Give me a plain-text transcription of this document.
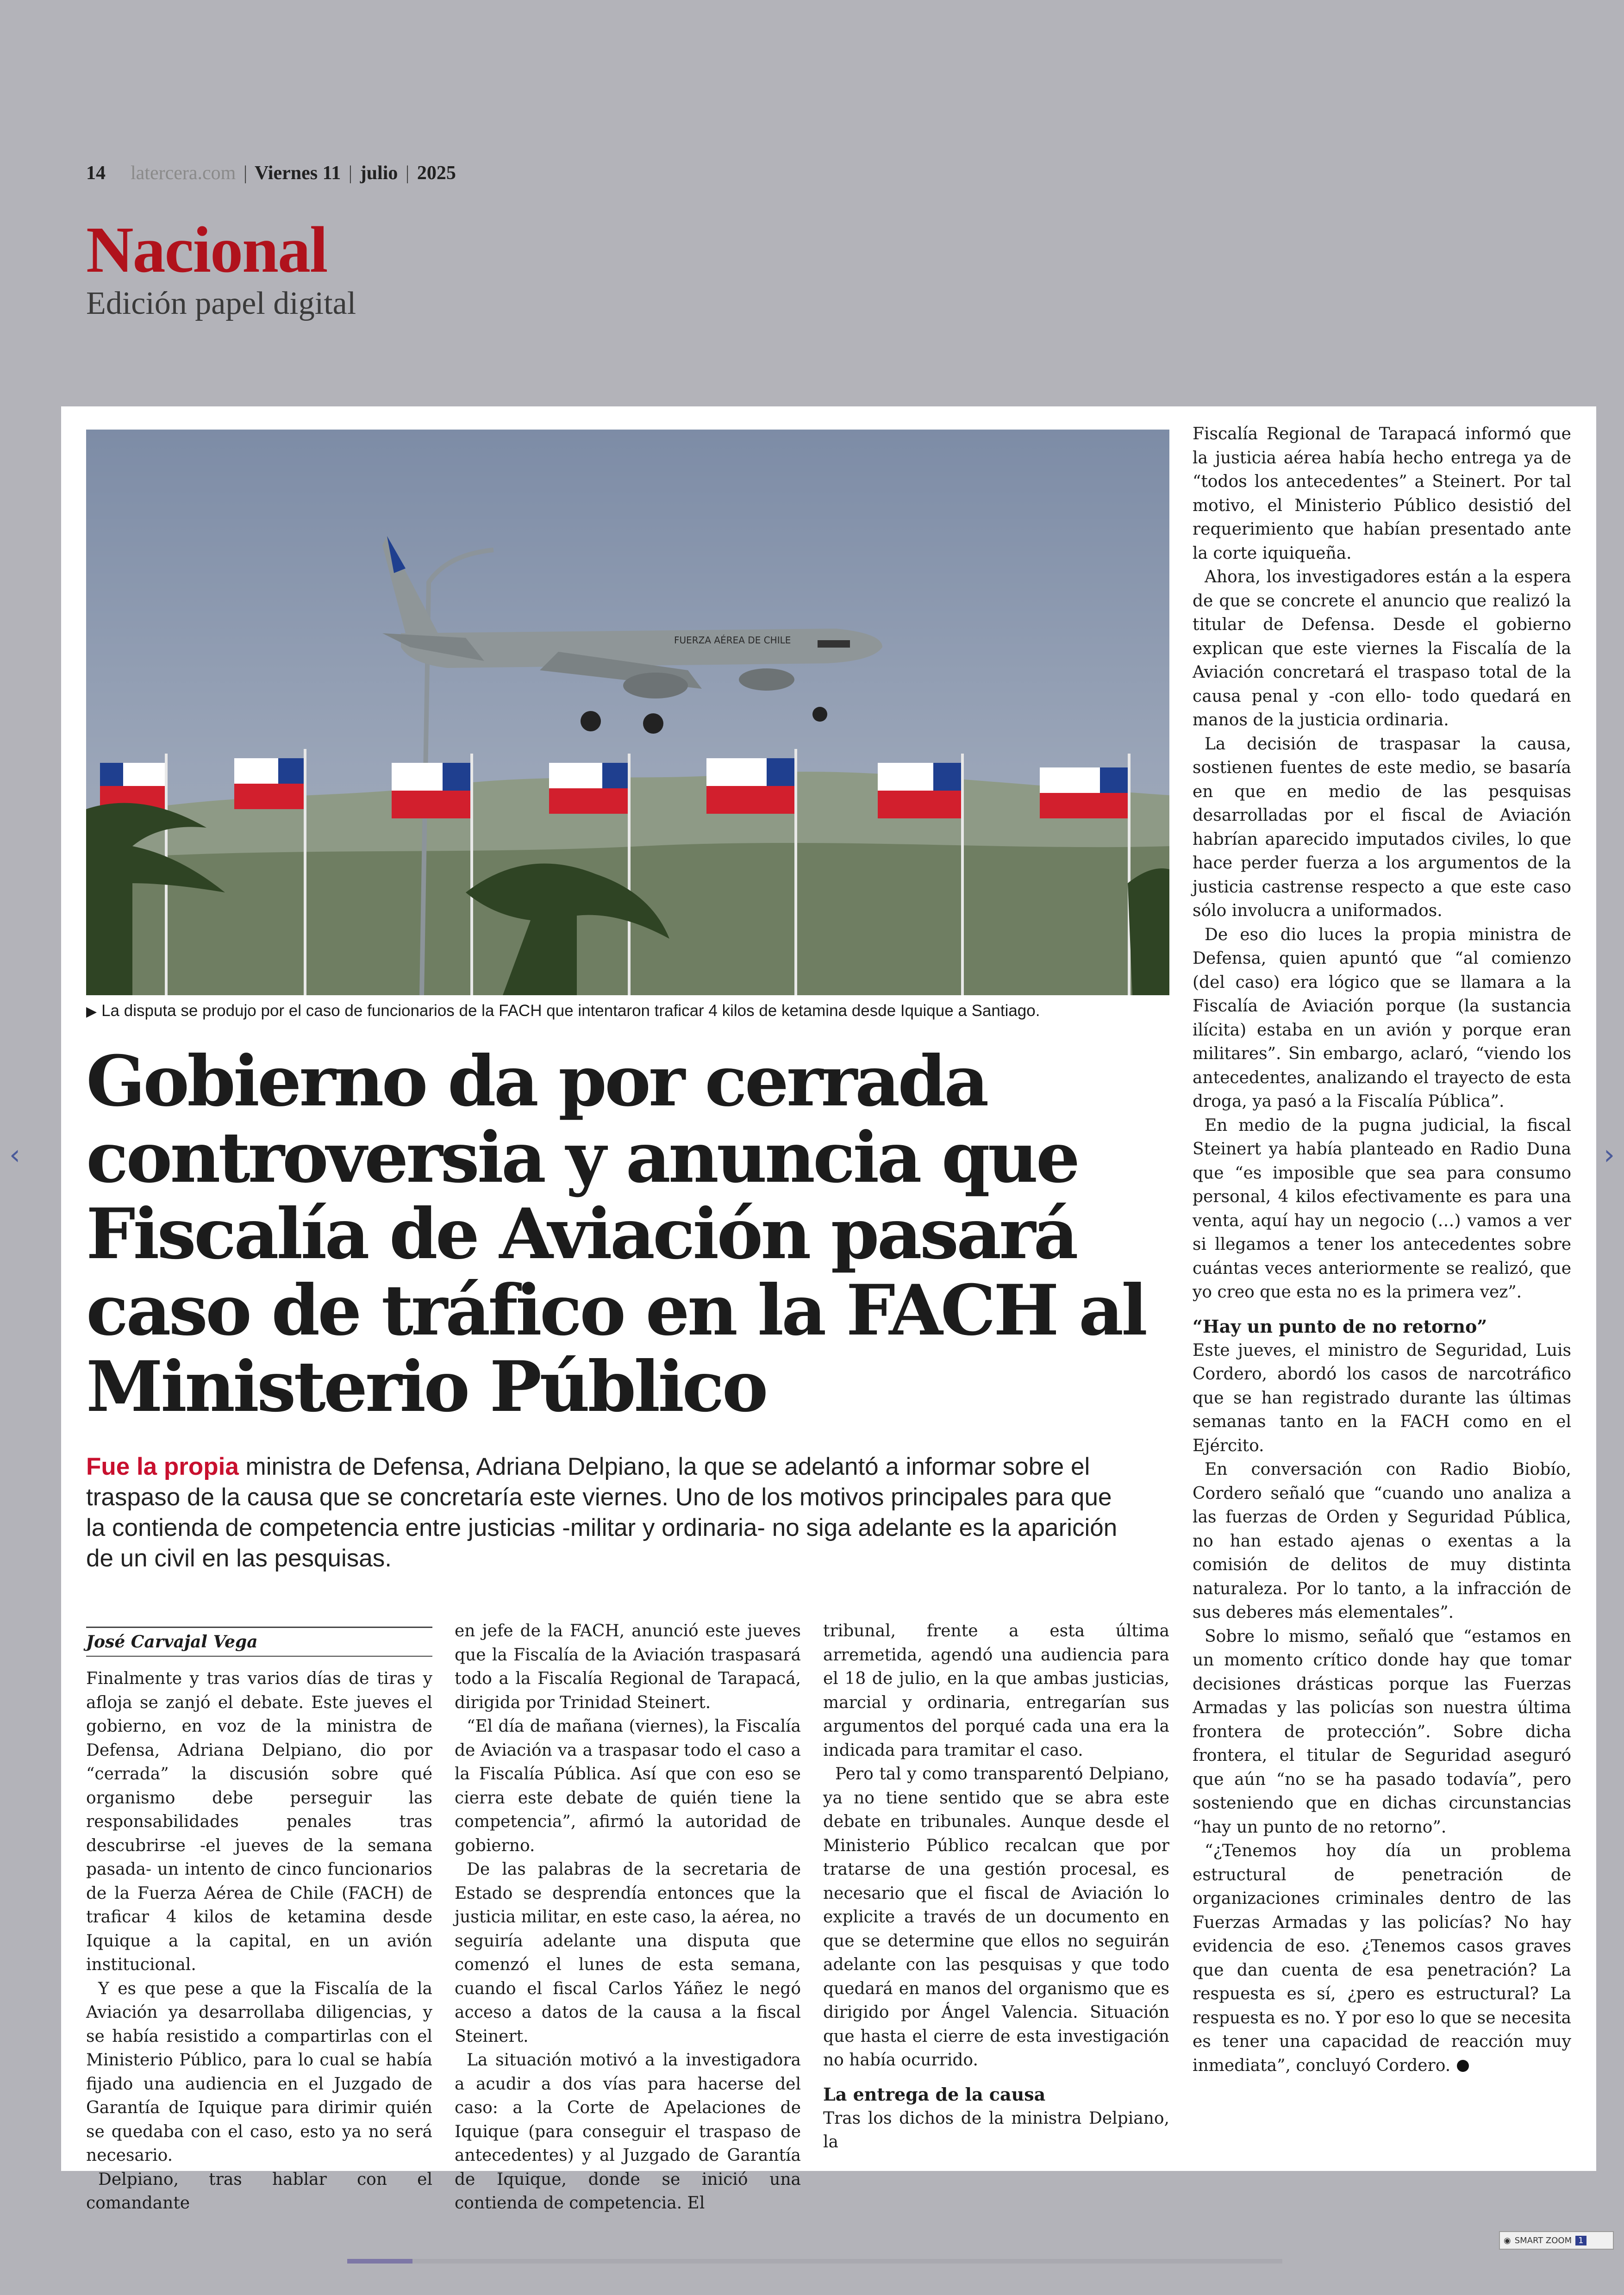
14 latercera.com | Viernes 11 | julio | 2025
Nacional
Edición papel digital
FUERZA AÉREA DE CHILE
▶ La disputa se produjo por el caso de funcionarios de la FACH que intentaron traficar 4 kilos de ketamina desde Iquique a Santiago.
Gobierno da por cerrada controversia y anuncia que Fiscalía de Aviación pasará caso de tráfico en la FACH al Ministerio Público

Fue la propia ministra de Defensa, Adriana Delpiano, la que se adelantó a informar sobre el traspaso de la causa que se concretaría este viernes. Uno de los motivos principales para que la contienda de competencia entre justicias -militar y ordinaria- no siga adelante es la aparición de un civil en las pesquisas.

José Carvajal Vega

Finalmente y tras varios días de tiras y afloja se zanjó el debate. Este jueves el gobierno, en voz de la ministra de Defensa, Adriana Delpiano, dio por “cerrada” la discusión sobre qué organismo debe perseguir las responsabilidades penales tras descubrirse -el jueves de la semana pasada- un intento de cinco funcionarios de la Fuerza Aérea de Chile (FACH) de traficar 4 kilos de ketamina desde Iquique a la capital, en un avión institucional.

Y es que pese a que la Fiscalía de la Aviación ya desarrollaba diligencias, y se había resistido a compartirlas con el Ministerio Público, para lo cual se había fijado una audiencia en el Juzgado de Garantía de Iquique para dirimir quién se quedaba con el caso, esto ya no será necesario.

Delpiano, tras hablar con el comandante

en jefe de la FACH, anunció este jueves que la Fiscalía de la Aviación traspasará todo a la Fiscalía Regional de Tarapacá, dirigida por Trinidad Steinert.

“El día de mañana (viernes), la Fiscalía de Aviación va a traspasar todo el caso a la Fiscalía Pública. Así que con eso se cierra este debate de quién tiene la competencia”, afirmó la autoridad de gobierno.

De las palabras de la secretaria de Estado se desprendía entonces que la justicia militar, en este caso, la aérea, no seguiría adelante una disputa que comenzó el lunes de esta semana, cuando el fiscal Carlos Yáñez le negó acceso a datos de la causa a la fiscal Steinert.

La situación motivó a la investigadora a acudir a dos vías para hacerse del caso: a la Corte de Apelaciones de Iquique (para conseguir el traspaso de antecedentes) y al Juzgado de Garantía de Iquique, donde se inició una contienda de competencia. El

tribunal, frente a esta última arremetida, agendó una audiencia para el 18 de julio, en la que ambas justicias, marcial y ordinaria, entregarían sus argumentos del porqué cada una era la indicada para tramitar el caso.

Pero tal y como transparentó Delpiano, ya no tiene sentido que se abra este debate en tribunales. Aunque desde el Ministerio Público recalcan que por tratarse de una gestión procesal, es necesario que el fiscal de Aviación lo explicite a través de un documento en que se determine que ellos no seguirán adelante con las pesquisas y que todo quedará en manos del organismo que es dirigido por Ángel Valencia. Situación que hasta el cierre de esta investigación no había ocurrido.

La entrega de la causa

Tras los dichos de la ministra Delpiano, la

Fiscalía Regional de Tarapacá informó que la justicia aérea había hecho entrega ya de “todos los antecedentes” a Steinert. Por tal motivo, el Ministerio Público desistió del requerimiento que habían presentado ante la corte iquiqueña.

Ahora, los investigadores están a la espera de que se concrete el anuncio que realizó la titular de Defensa. Desde el gobierno explican que este viernes la Fiscalía de la Aviación concretará el traspaso total de la causa penal y -con ello- todo quedará en manos de la justicia ordinaria.

La decisión de traspasar la causa, sostienen fuentes de este medio, se basaría en que en medio de las pesquisas desarrolladas por el fiscal de Aviación habrían aparecido imputados civiles, lo que hace perder fuerza a los argumentos de la justicia castrense respecto a que este caso sólo involucra a uniformados.

De eso dio luces la propia ministra de Defensa, quien apuntó que “al comienzo (del caso) era lógico que se llamara a la Fiscalía de Aviación porque (la sustancia ilícita) estaba en un avión y porque eran militares”. Sin embargo, aclaró, “viendo los antecedentes, analizando el trayecto de esta droga, ya pasó a la Fiscalía Pública”.

En medio de la pugna judicial, la fiscal Steinert ya había planteado en Radio Duna que “es imposible que sea para consumo personal, 4 kilos efectivamente es para una venta, aquí hay un negocio (…) vamos a ver si llegamos a tener los antecedentes sobre cuántas veces anteriormente se realizó, que yo creo que esta no es la primera vez”.

“Hay un punto de no retorno”

Este jueves, el ministro de Seguridad, Luis Cordero, abordó los casos de narcotráfico que se han registrado durante las últimas semanas tanto en la FACH como en el Ejército.

En conversación con Radio Biobío, Cordero señaló que “cuando uno analiza a las fuerzas de Orden y Seguridad Pública, no han estado ajenas o exentas a la comisión de delitos de muy distinta naturaleza. Por lo tanto, a la infracción de sus deberes más elementales”.

Sobre lo mismo, señaló que “estamos en un momento crítico donde hay que tomar decisiones drásticas porque las Fuerzas Armadas y las policías son nuestra última frontera de protección”. Sobre dicha frontera, el titular de Seguridad aseguró que aún “no se ha pasado todavía”, pero sosteniendo que en dichas circunstancias “hay un punto de no retorno”.

“¿Tenemos hoy día un problema estructural de penetración de organizaciones criminales dentro de las Fuerzas Armadas y las policías? No hay evidencia de eso. ¿Tenemos casos graves que dan cuenta de esa penetración? La respuesta es sí, ¿pero es estructural? La respuesta es no. Y por eso lo que se necesita es tener una capacidad de reacción muy inmediata”, concluyó Cordero.

‹	›
◉ SMART ZOOM 1
